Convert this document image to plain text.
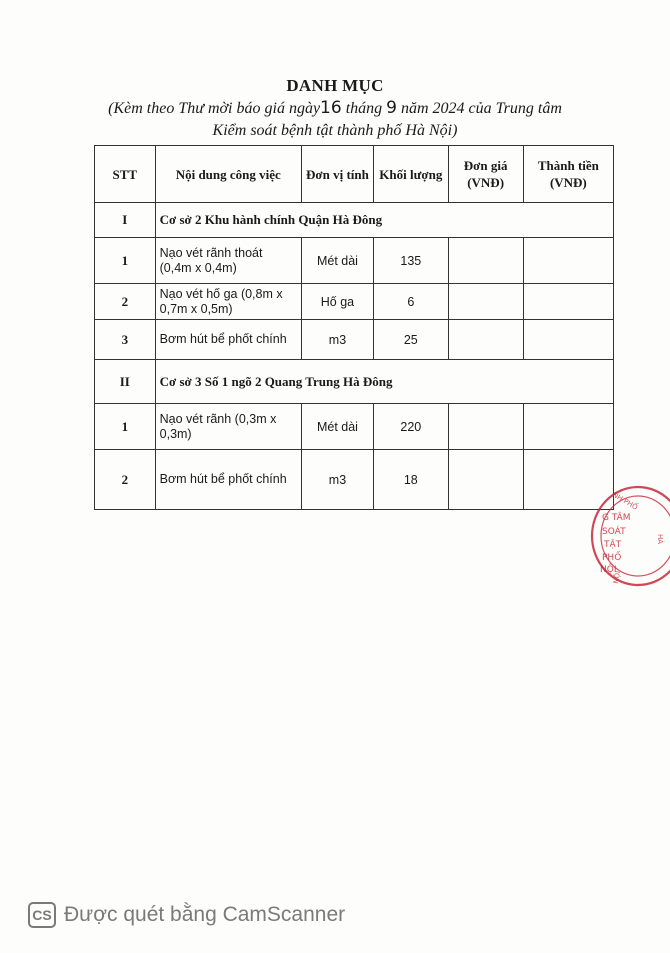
DANH MỤC
(Kèm theo Thư mời báo giá ngày16 tháng 9 năm 2024 của Trung tâm
Kiểm soát bệnh tật thành phố Hà Nội)
STT	Nội dung công việc	Đơn vị tính	Khối lượng	Đơn giá (VNĐ)	Thành tiền (VNĐ)
I	Cơ sở 2 Khu hành chính Quận Hà Đông				
1	Nạo vét rãnh thoát (0,4m x 0,4m)	Mét dài	135		
2	Nạo vét hố ga (0,8m x 0,7m x 0,5m)	Hố ga	6		
3	Bơm hút bể phốt chính	m3	25		
II	Cơ sở 3 Số 1 ngõ 2 Quang Trung Hà Đông				
1	Nạo vét rãnh (0,3m x 0,3m)	Mét dài	220		
2	Bơm hút bể phốt chính	m3	18		
G TÂM
SOÁT
TẬT
PHỐ
NỘI
NH PHỐ
HÀ
NỘI
CS Được quét bằng CamScanner
